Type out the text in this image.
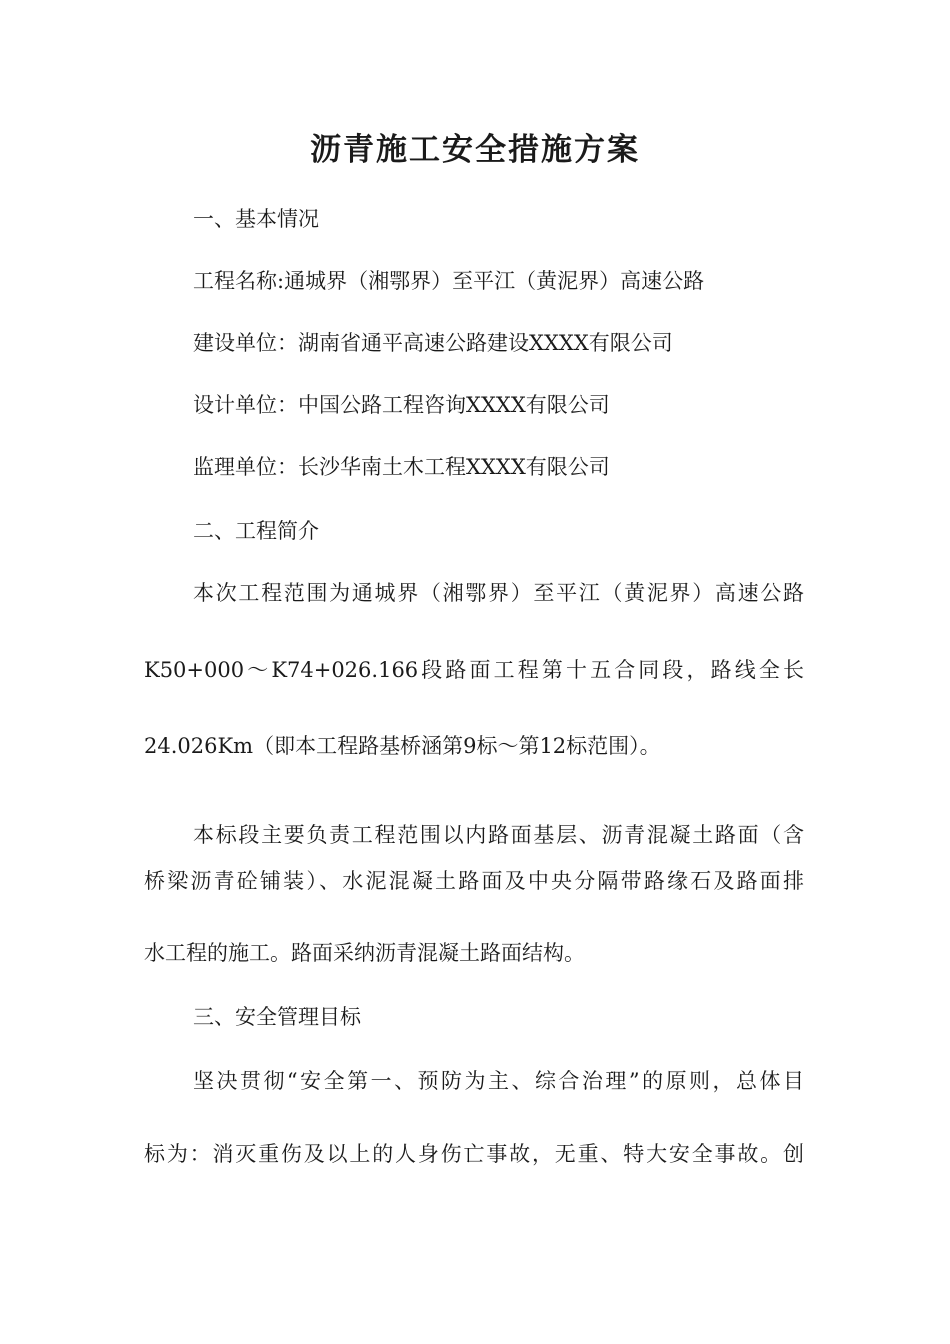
沥青施工安全措施方案

一、基本情况

工程名称:通城界（湘鄂界）至平江（黄泥界）高速公路

建设单位：湖南省通平高速公路建设XXXX有限公司

设计单位：中国公路工程咨询XXXX有限公司

监理单位：长沙华南土木工程XXXX有限公司

二、工程简介

本次工程范围为通城界（湘鄂界）至平江（黄泥界）高速公路

K50+000～K74+026.166段路面工程第十五合同段，路线全长

24.026Km（即本工程路基桥涵第9标～第12标范围）。

本标段主要负责工程范围以内路面基层、沥青混凝土路面（含

桥梁沥青砼铺装）、水泥混凝土路面及中央分隔带路缘石及路面排

水工程的施工。路面采纳沥青混凝土路面结构。

三、安全管理目标

坚决贯彻“安全第一、预防为主、综合治理”的原则，总体目

标为：消灭重伤及以上的人身伤亡事故，无重、特大安全事故。创
